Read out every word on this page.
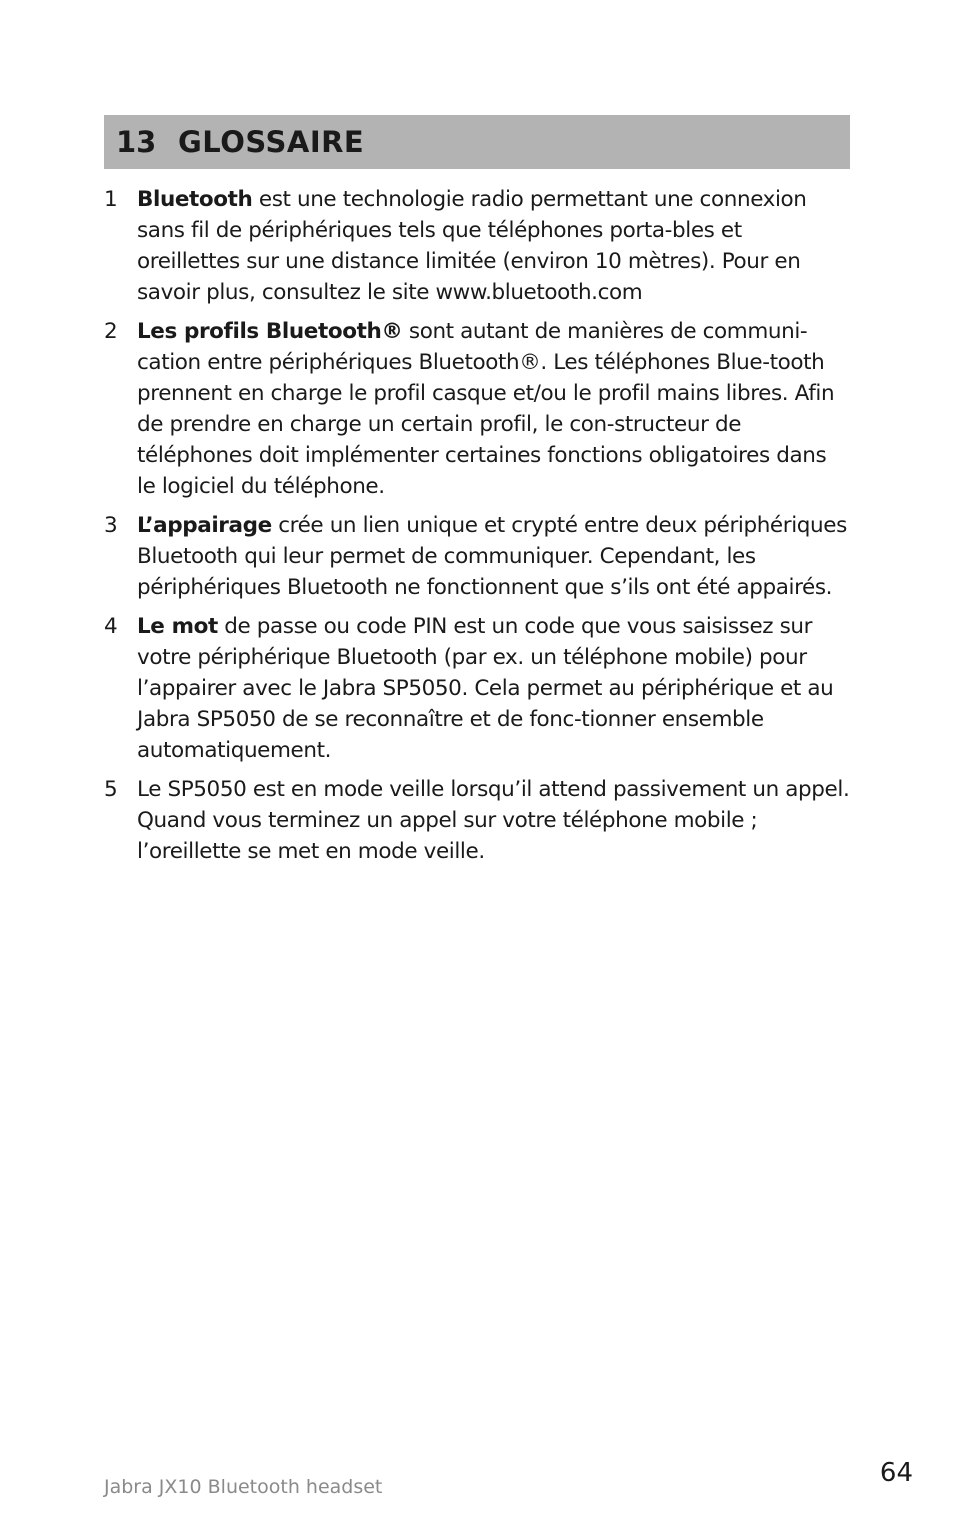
13 GLOSSAIRE
1 Bluetooth est une technologie radio permettant une connexion sans fil de périphériques tels que téléphones porta-bles et oreillettes sur une distance limitée (environ 10 mètres). Pour en savoir plus, consultez le site www.bluetooth.com
2 Les profils Bluetooth® sont autant de manières de communi-cation entre périphériques Bluetooth®. Les téléphones Blue-tooth prennent en charge le profil casque et/ou le profil mains libres. Afin de prendre en charge un certain profil, le con-structeur de téléphones doit implémenter certaines fonctions obligatoires dans le logiciel du téléphone.
3 L’appairage crée un lien unique et crypté entre deux périphériques Bluetooth qui leur permet de communiquer. Cependant, les périphériques Bluetooth ne fonctionnent que s’ils ont été appairés.
4 Le mot de passe ou code PIN est un code que vous saisissez sur votre périphérique Bluetooth (par ex. un téléphone mobile) pour l’appairer avec le Jabra SP5050. Cela permet au périphérique et au Jabra SP5050 de se reconnaître et de fonc-tionner ensemble automatiquement.
5 Le SP5050 est en mode veille lorsqu’il attend passivement un appel. Quand vous terminez un appel sur votre téléphone mobile ; l’oreillette se met en mode veille.
Jabra JX10 Bluetooth headset	64
